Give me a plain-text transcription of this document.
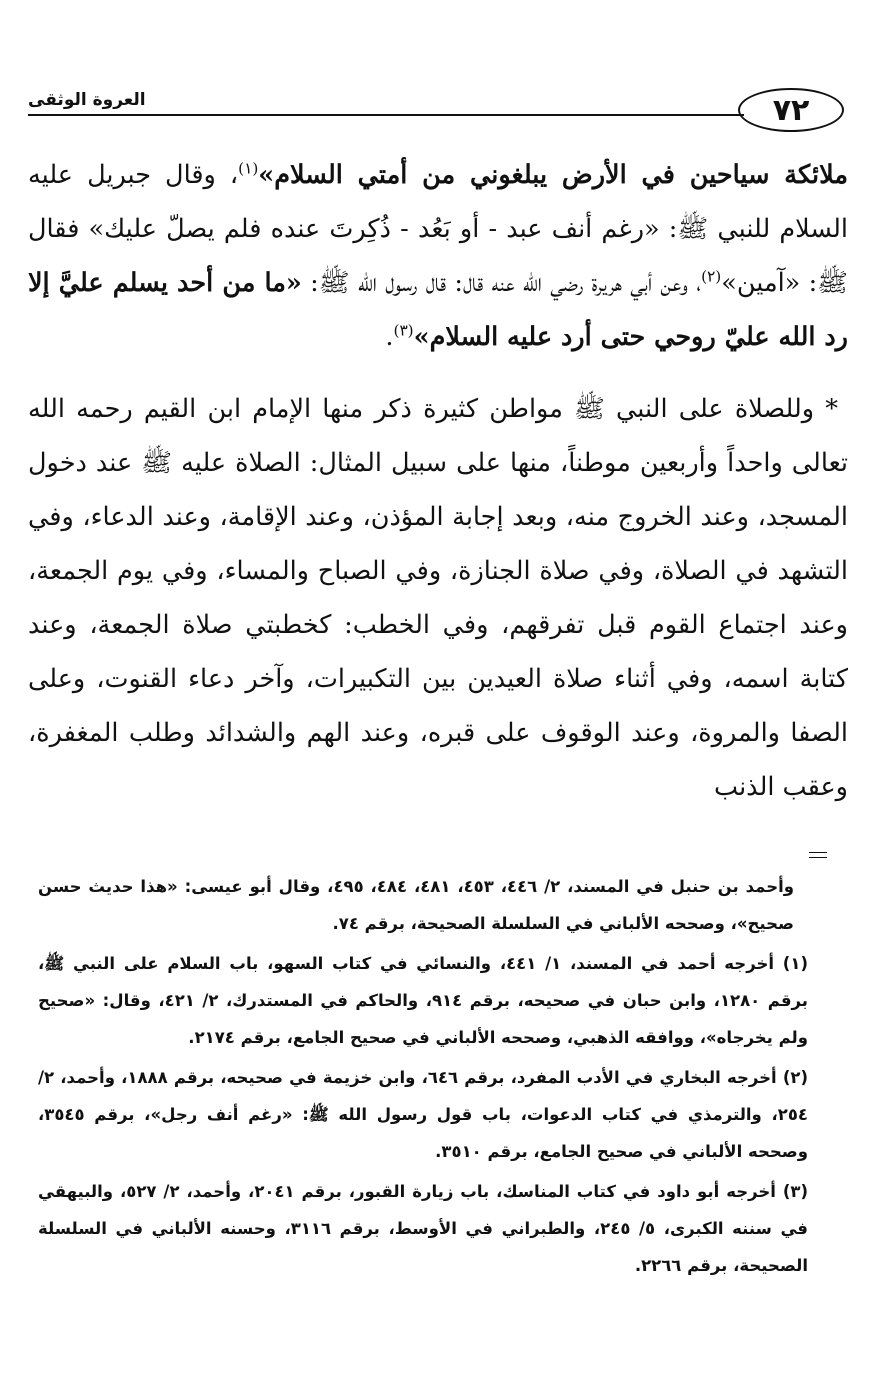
٧٢
العروة الوثقى

ملائكة سياحين في الأرض يبلغوني من أمتي السلام»$^{(١)}$، وقال جبريل عليه السلام للنبي ﷺ: «رغم أنف عبد - أو بَعُد - ذُكِرتَ عنده فلم يصلّ عليك» فقال ﷺ: «آمين»$^{(٢)}$، وعن أبي هريرة رضي الله عنه قال: قال رسول الله ﷺ: «ما من أحد يسلم عليَّ إلا رد الله عليّ روحي حتى أرد عليه السلام»$^{(٣)}$.

* وللصلاة على النبي ﷺ مواطن كثيرة ذكر منها الإمام ابن القيم رحمه الله تعالى واحداً وأربعين موطناً، منها على سبيل المثال: الصلاة عليه ﷺ عند دخول المسجد، وعند الخروج منه، وبعد إجابة المؤذن، وعند الإقامة، وعند الدعاء، وفي التشهد في الصلاة، وفي صلاة الجنازة، وفي الصباح والمساء، وفي يوم الجمعة، وعند اجتماع القوم قبل تفرقهم، وفي الخطب: كخطبتي صلاة الجمعة، وعند كتابة اسمه، وفي أثناء صلاة العيدين بين التكبيرات، وآخر دعاء القنوت، وعلى الصفا والمروة، وعند الوقوف على قبره، وعند الهم والشدائد وطلب المغفرة، وعقب الذنب

وأحمد بن حنبل في المسند، ٢/ ٤٤٦، ٤٥٣، ٤٨١، ٤٨٤، ٤٩٥، وقال أبو عيسى: «هذا حديث حسن صحيح»، وصححه الألباني في السلسلة الصحيحة، برقم ٧٤.

(١) أخرجه أحمد في المسند، ١/ ٤٤١، والنسائي في كتاب السهو، باب السلام على النبي ﷺ، برقم ١٢٨٠، وابن حبان في صحيحه، برقم ٩١٤، والحاكم في المستدرك، ٢/ ٤٢١، وقال: «صحيح ولم يخرجاه»، ووافقه الذهبي، وصححه الألباني في صحيح الجامع، برقم ٢١٧٤.

(٢) أخرجه البخاري في الأدب المفرد، برقم ٦٤٦، وابن خزيمة في صحيحه، برقم ١٨٨٨، وأحمد، ٢/ ٢٥٤، والترمذي في كتاب الدعوات، باب قول رسول الله ﷺ: «رغم أنف رجل»، برقم ٣٥٤٥، وصححه الألباني في صحيح الجامع، برقم ٣٥١٠.

(٣) أخرجه أبو داود في كتاب المناسك، باب زيارة القبور، برقم ٢٠٤١، وأحمد، ٢/ ٥٢٧، والبيهقي في سننه الكبرى، ٥/ ٢٤٥، والطبراني في الأوسط، برقم ٣١١٦، وحسنه الألباني في السلسلة الصحيحة، برقم ٢٢٦٦.
